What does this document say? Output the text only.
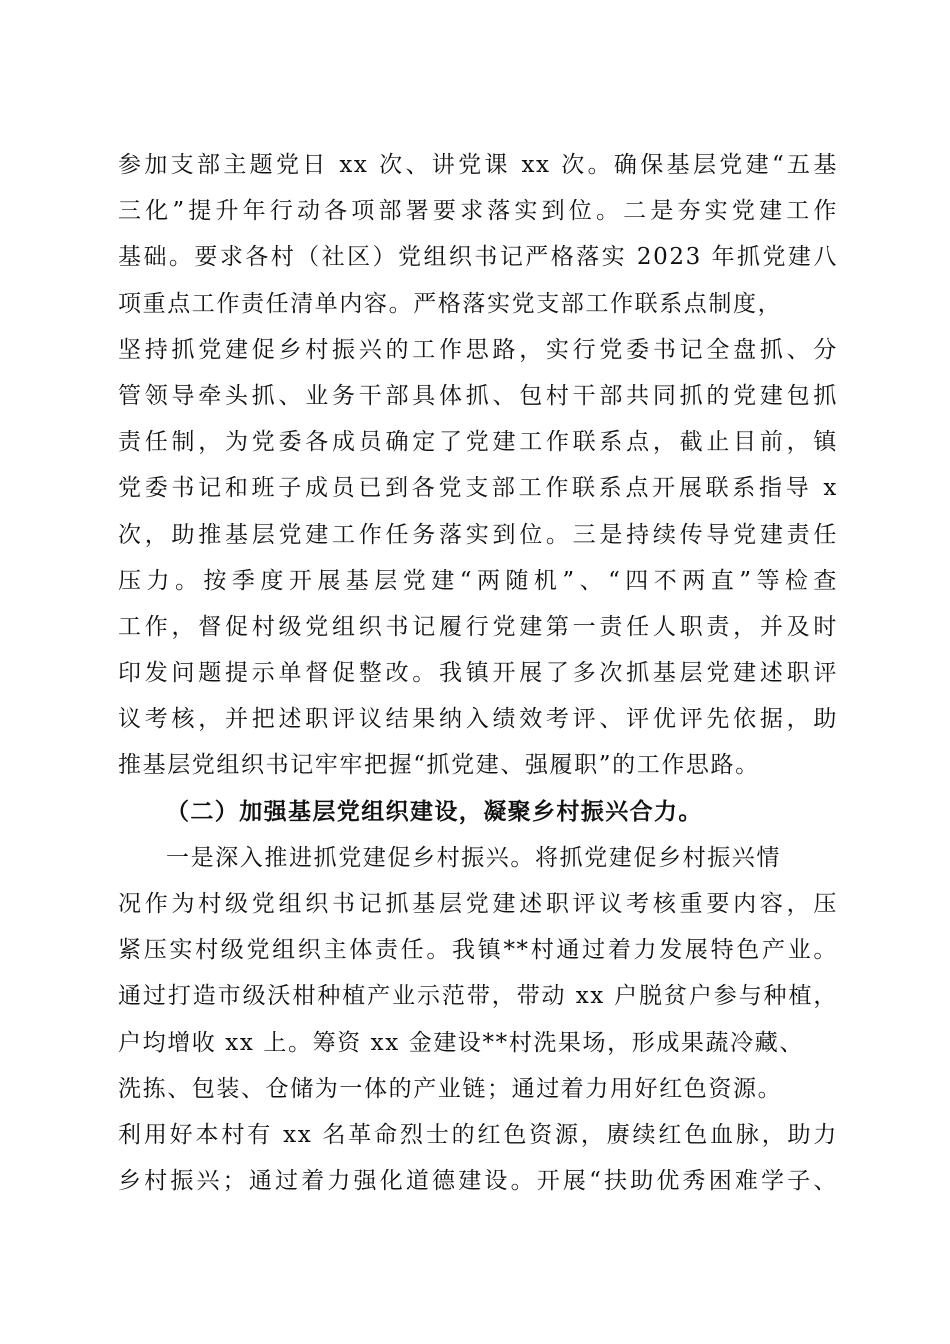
参加支部主题党日 xx 次、讲党课 xx 次。确保基层党建“五基
三化”提升年行动各项部署要求落实到位。二是夯实党建工作
基础。要求各村（社区）党组织书记严格落实 2023 年抓党建八
项重点工作责任清单内容。严格落实党支部工作联系点制度，
坚持抓党建促乡村振兴的工作思路，实行党委书记全盘抓、分
管领导牵头抓、业务干部具体抓、包村干部共同抓的党建包抓
责任制，为党委各成员确定了党建工作联系点，截止目前，镇
党委书记和班子成员已到各党支部工作联系点开展联系指导 x
次，助推基层党建工作任务落实到位。三是持续传导党建责任
压力。按季度开展基层党建“两随机”、“四不两直”等检查
工作，督促村级党组织书记履行党建第一责任人职责，并及时
印发问题提示单督促整改。我镇开展了多次抓基层党建述职评
议考核，并把述职评议结果纳入绩效考评、评优评先依据，助
推基层党组织书记牢牢把握“抓党建、强履职”的工作思路。
（二）加强基层党组织建设，凝聚乡村振兴合力。
一是深入推进抓党建促乡村振兴。将抓党建促乡村振兴情
况作为村级党组织书记抓基层党建述职评议考核重要内容，压
紧压实村级党组织主体责任。我镇**村通过着力发展特色产业。
通过打造市级沃柑种植产业示范带，带动 xx 户脱贫户参与种植，
户均增收 xx 上。筹资 xx 金建设**村洗果场，形成果蔬冷藏、
洗拣、包装、仓储为一体的产业链；通过着力用好红色资源。
利用好本村有 xx 名革命烈士的红色资源，赓续红色血脉，助力
乡村振兴；通过着力强化道德建设。开展“扶助优秀困难学子、
